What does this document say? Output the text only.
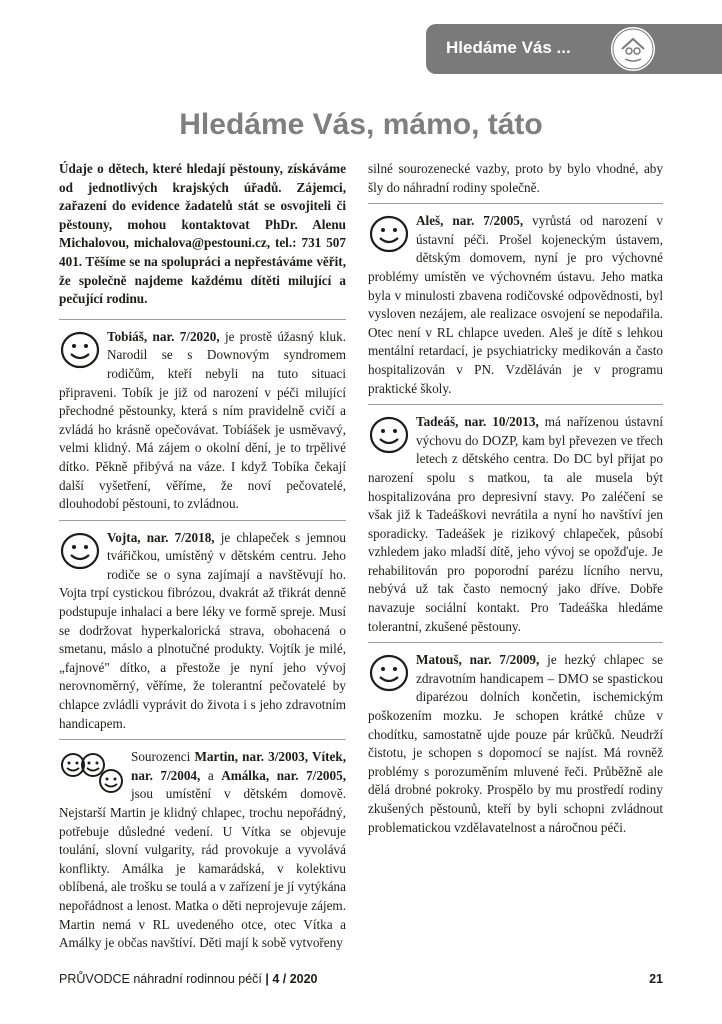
Hledáme Vás ...
Hledáme Vás, mámo, táto

Údaje o dětech, které hledají pěstouny, získáváme od jednotlivých krajských úřadů. Zájemci, zařazení do evidence žadatelů stát se osvojiteli či pěstouny, mohou kontaktovat PhDr. Alenu Michalovou, michalova@pestouni.cz, tel.: 731 507 401. Těšíme se na spolupráci a nepřestáváme věřit, že společně najdeme každému dítěti milující a pečující rodinu.

Tobiáš, nar. 7/2020, je prostě úžasný kluk. Narodil se s Downovým syndromem rodičům, kteří nebyli na tuto situaci připraveni. Tobík je již od narození v péči milující přechodné pěstounky, která s ním pravidelně cvičí a zvládá ho krásně opečovávat. Tobíášek je usměvavý, velmi klidný. Má zájem o okolní dění, je to trpělivé dítko. Pěkně přibývá na váze. I když Tobíka čekají další vyšetření, věříme, že noví pečovatelé, dlouhodobí pěstouni, to zvládnou.

Vojta, nar. 7/2018, je chlapeček s jemnou tvářičkou, umístěný v dětském centru. Jeho rodiče se o syna zajímají a navštěvují ho. Vojta trpí cystickou fibrózou, dvakrát až třikrát denně podstupuje inhalaci a bere léky ve formě spreje. Musí se dodržovat hyperkalorická strava, obohacená o smetanu, máslo a plnotučné produkty. Vojtík je milé, „fajnové" dítko, a přestože je nyní jeho vývoj nerovnoměrný, věříme, že tolerantní pečovatelé by chlapce zvládli vyprávit do života i s jeho zdravotním handicapem.

Sourozenci Martin, nar. 3/2003, Vítek, nar. 7/2004, a Amálka, nar. 7/2005, jsou umístění v dětském domově. Nejstarší Martin je klidný chlapec, trochu nepořádný, potřebuje důsledné vedení. U Vítka se objevuje toulání, slovní vulgarity, rád provokuje a vyvolává konflikty. Amálka je kamarádská, v kolektivu oblíbená, ale trošku se toulá a v zařízení je jí vytýkána nepořádnost a lenost. Matka o děti neprojevuje zájem. Martin nemá v RL uvedeného otce, otec Vítka a Amálky je občas navštíví. Děti mají k sobě vytvořeny

silné sourozenecké vazby, proto by bylo vhodné, aby šly do náhradní rodiny společně.

Aleš, nar. 7/2005, vyrůstá od narození v ústavní péči. Prošel kojeneckým ústavem, dětským domovem, nyní je pro výchovné problémy umístěn ve výchovném ústavu. Jeho matka byla v minulosti zbavena rodičovské odpovědnosti, byl vysloven nezájem, ale realizace osvojení se nepodařila. Otec není v RL chlapce uveden. Aleš je dítě s lehkou mentální retardací, je psychiatricky medikován a často hospitalizován v PN. Vzděláván je v programu praktické školy.

Tadeáš, nar. 10/2013, má nařízenou ústavní výchovu do DOZP, kam byl převezen ve třech letech z dětského centra. Do DC byl přijat po narození spolu s matkou, ta ale musela být hospitalizována pro depresivní stavy. Po zaléčení se však již k Tadeáškovi nevrátila a nyní ho navštíví jen sporadicky. Tadeášek je rizikový chlapeček, působí vzhledem jako mladší dítě, jeho vývoj se opožďuje. Je rehabilitován pro poporodní parézu lícního nervu, nebývá už tak často nemocný jako dříve. Dobře navazuje sociální kontakt. Pro Tadeáška hledáme tolerantní, zkušené pěstouny.

Matouš, nar. 7/2009, je hezký chlapec se zdravotním handicapem – DMO se spastickou diparézou dolních končetin, ischemickým poškozením mozku. Je schopen krátké chůze v chodítku, samostatně ujde pouze pár krůčků. Neudrží čistotu, je schopen s dopomocí se najíst. Má rovněž problémy s porozuměním mluvené řeči. Průběžně ale dělá drobné pokroky. Prospělo by mu prostředí rodiny zkušených pěstounů, kteří by byli schopni zvládnout problematickou vzdělavatelnost a náročnou péči.

PRŮVODCE náhradní rodinnou péčí | 4 / 2020	21
